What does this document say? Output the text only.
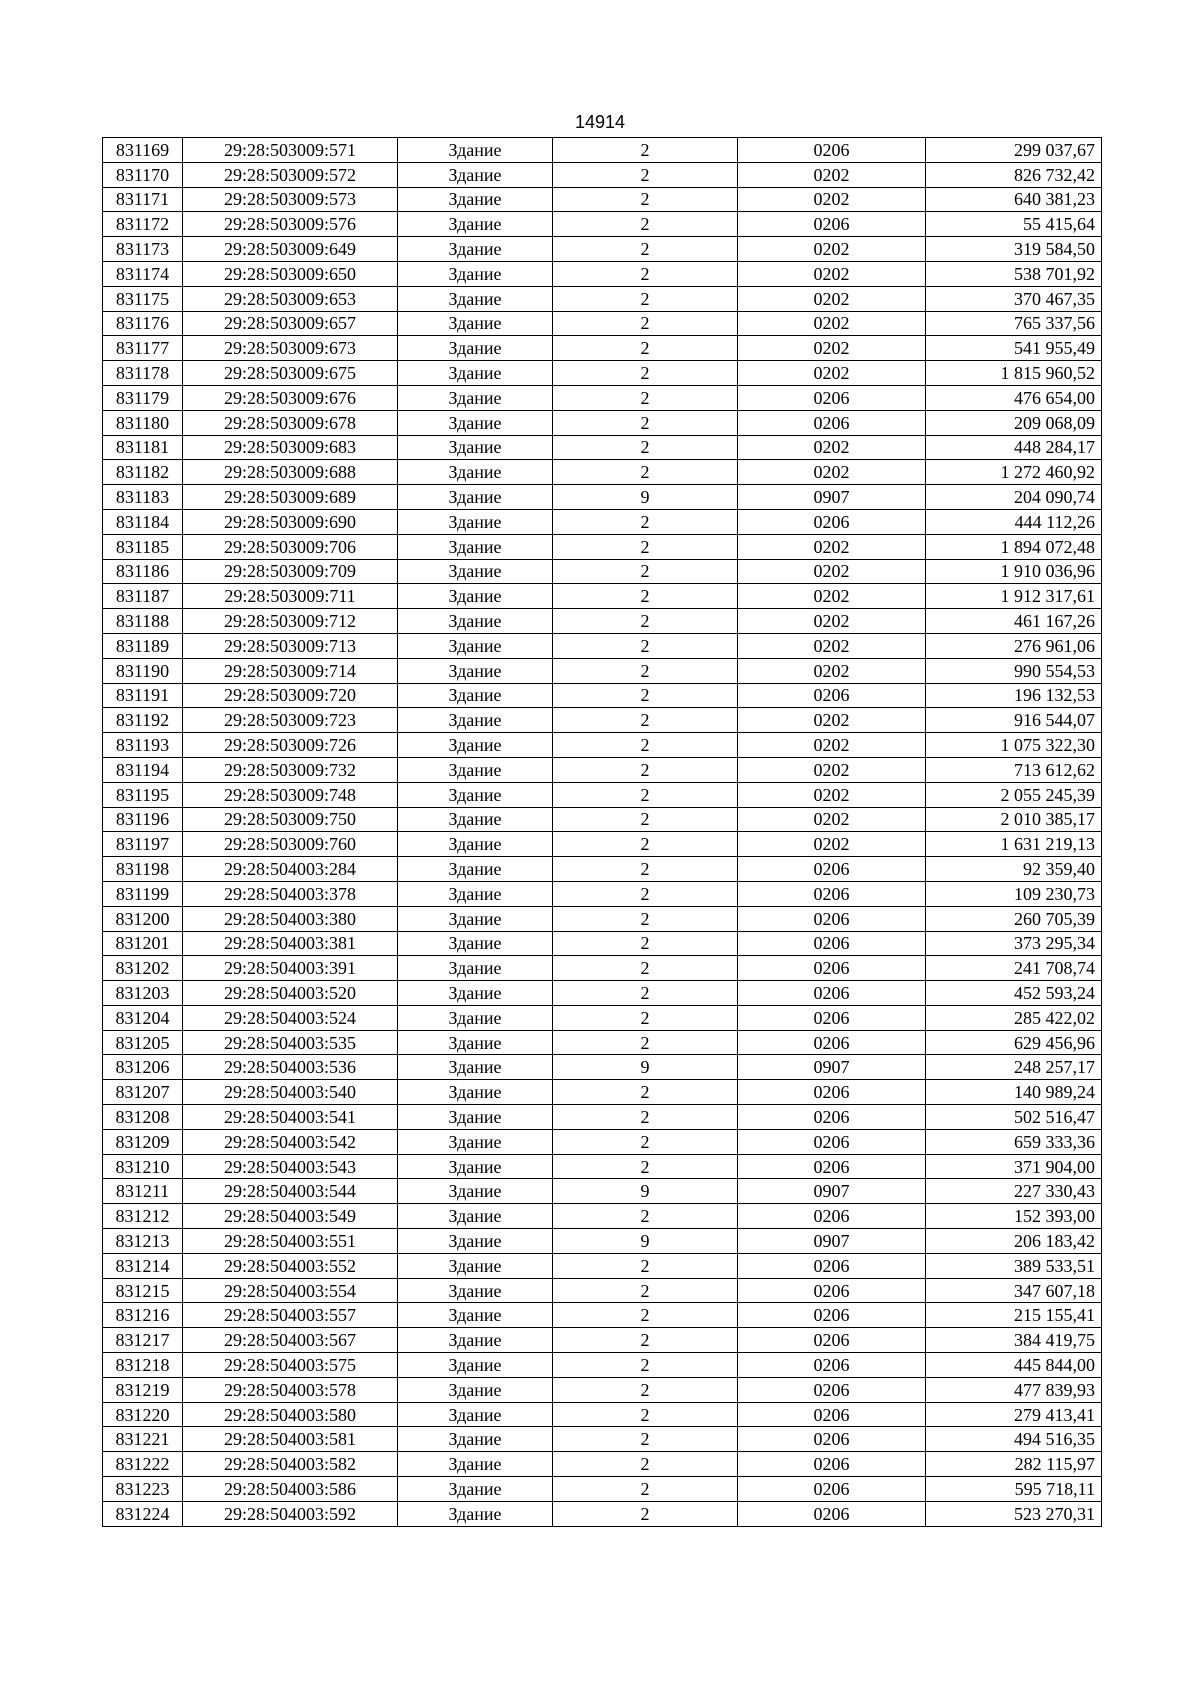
14914
831169	29:28:503009:571	Здание	2	0206	299 037,67
831170	29:28:503009:572	Здание	2	0202	826 732,42
831171	29:28:503009:573	Здание	2	0202	640 381,23
831172	29:28:503009:576	Здание	2	0206	55 415,64
831173	29:28:503009:649	Здание	2	0202	319 584,50
831174	29:28:503009:650	Здание	2	0202	538 701,92
831175	29:28:503009:653	Здание	2	0202	370 467,35
831176	29:28:503009:657	Здание	2	0202	765 337,56
831177	29:28:503009:673	Здание	2	0202	541 955,49
831178	29:28:503009:675	Здание	2	0202	1 815 960,52
831179	29:28:503009:676	Здание	2	0206	476 654,00
831180	29:28:503009:678	Здание	2	0206	209 068,09
831181	29:28:503009:683	Здание	2	0202	448 284,17
831182	29:28:503009:688	Здание	2	0202	1 272 460,92
831183	29:28:503009:689	Здание	9	0907	204 090,74
831184	29:28:503009:690	Здание	2	0206	444 112,26
831185	29:28:503009:706	Здание	2	0202	1 894 072,48
831186	29:28:503009:709	Здание	2	0202	1 910 036,96
831187	29:28:503009:711	Здание	2	0202	1 912 317,61
831188	29:28:503009:712	Здание	2	0202	461 167,26
831189	29:28:503009:713	Здание	2	0202	276 961,06
831190	29:28:503009:714	Здание	2	0202	990 554,53
831191	29:28:503009:720	Здание	2	0206	196 132,53
831192	29:28:503009:723	Здание	2	0202	916 544,07
831193	29:28:503009:726	Здание	2	0202	1 075 322,30
831194	29:28:503009:732	Здание	2	0202	713 612,62
831195	29:28:503009:748	Здание	2	0202	2 055 245,39
831196	29:28:503009:750	Здание	2	0202	2 010 385,17
831197	29:28:503009:760	Здание	2	0202	1 631 219,13
831198	29:28:504003:284	Здание	2	0206	92 359,40
831199	29:28:504003:378	Здание	2	0206	109 230,73
831200	29:28:504003:380	Здание	2	0206	260 705,39
831201	29:28:504003:381	Здание	2	0206	373 295,34
831202	29:28:504003:391	Здание	2	0206	241 708,74
831203	29:28:504003:520	Здание	2	0206	452 593,24
831204	29:28:504003:524	Здание	2	0206	285 422,02
831205	29:28:504003:535	Здание	2	0206	629 456,96
831206	29:28:504003:536	Здание	9	0907	248 257,17
831207	29:28:504003:540	Здание	2	0206	140 989,24
831208	29:28:504003:541	Здание	2	0206	502 516,47
831209	29:28:504003:542	Здание	2	0206	659 333,36
831210	29:28:504003:543	Здание	2	0206	371 904,00
831211	29:28:504003:544	Здание	9	0907	227 330,43
831212	29:28:504003:549	Здание	2	0206	152 393,00
831213	29:28:504003:551	Здание	9	0907	206 183,42
831214	29:28:504003:552	Здание	2	0206	389 533,51
831215	29:28:504003:554	Здание	2	0206	347 607,18
831216	29:28:504003:557	Здание	2	0206	215 155,41
831217	29:28:504003:567	Здание	2	0206	384 419,75
831218	29:28:504003:575	Здание	2	0206	445 844,00
831219	29:28:504003:578	Здание	2	0206	477 839,93
831220	29:28:504003:580	Здание	2	0206	279 413,41
831221	29:28:504003:581	Здание	2	0206	494 516,35
831222	29:28:504003:582	Здание	2	0206	282 115,97
831223	29:28:504003:586	Здание	2	0206	595 718,11
831224	29:28:504003:592	Здание	2	0206	523 270,31
